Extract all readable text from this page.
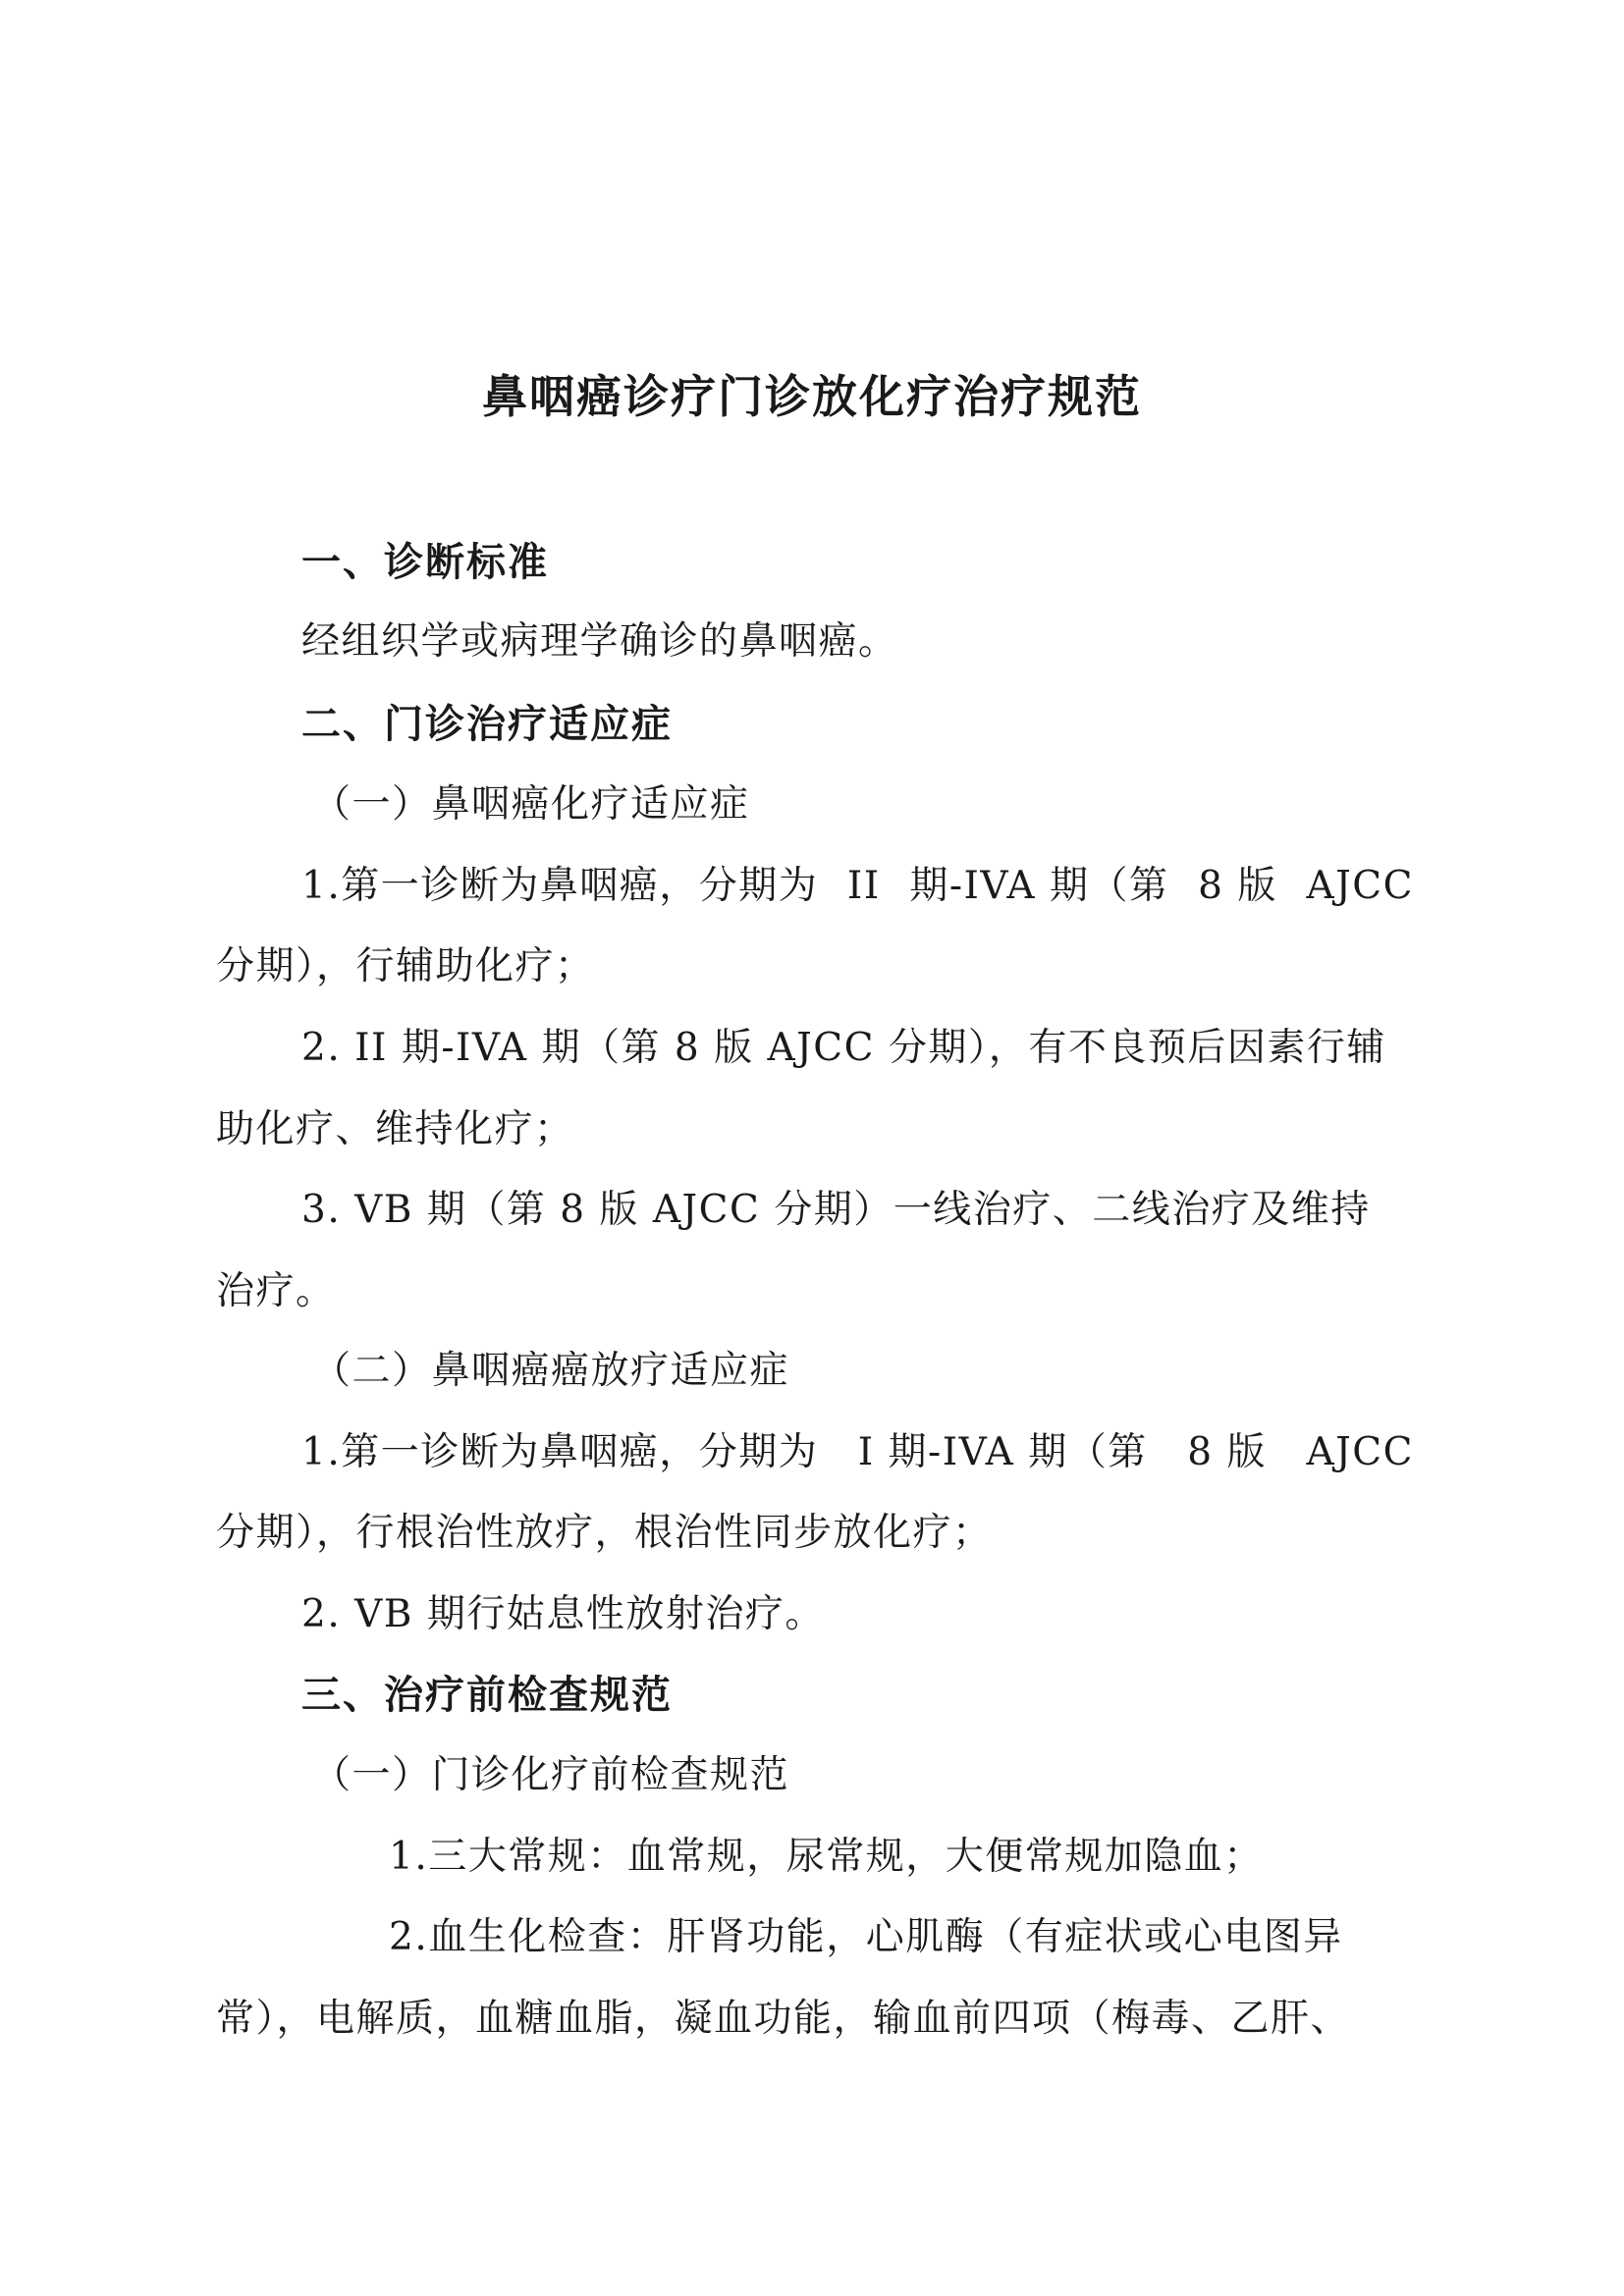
鼻咽癌诊疗门诊放化疗治疗规范

一、诊断标准

经组织学或病理学确诊的鼻咽癌。

二、门诊治疗适应症

（一）鼻咽癌化疗适应症

1.第一诊断为鼻咽癌，分期为 II 期-IVA 期（第 8 版 AJCC

分期），行辅助化疗；

2. II 期-IVA 期（第 8 版 AJCC 分期），有不良预后因素行辅

助化疗、维持化疗；

3. VB 期（第 8 版 AJCC 分期）一线治疗、二线治疗及维持

治疗。

（二）鼻咽癌癌放疗适应症

1.第一诊断为鼻咽癌，分期为 I 期-IVA 期（第 8 版 AJCC

分期），行根治性放疗，根治性同步放化疗；

2. VB 期行姑息性放射治疗。

三、治疗前检查规范

（一）门诊化疗前检查规范

1.三大常规：血常规，尿常规，大便常规加隐血；

2.血生化检查：肝肾功能，心肌酶（有症状或心电图异

常），电解质，血糖血脂，凝血功能，输血前四项（梅毒、乙肝、
